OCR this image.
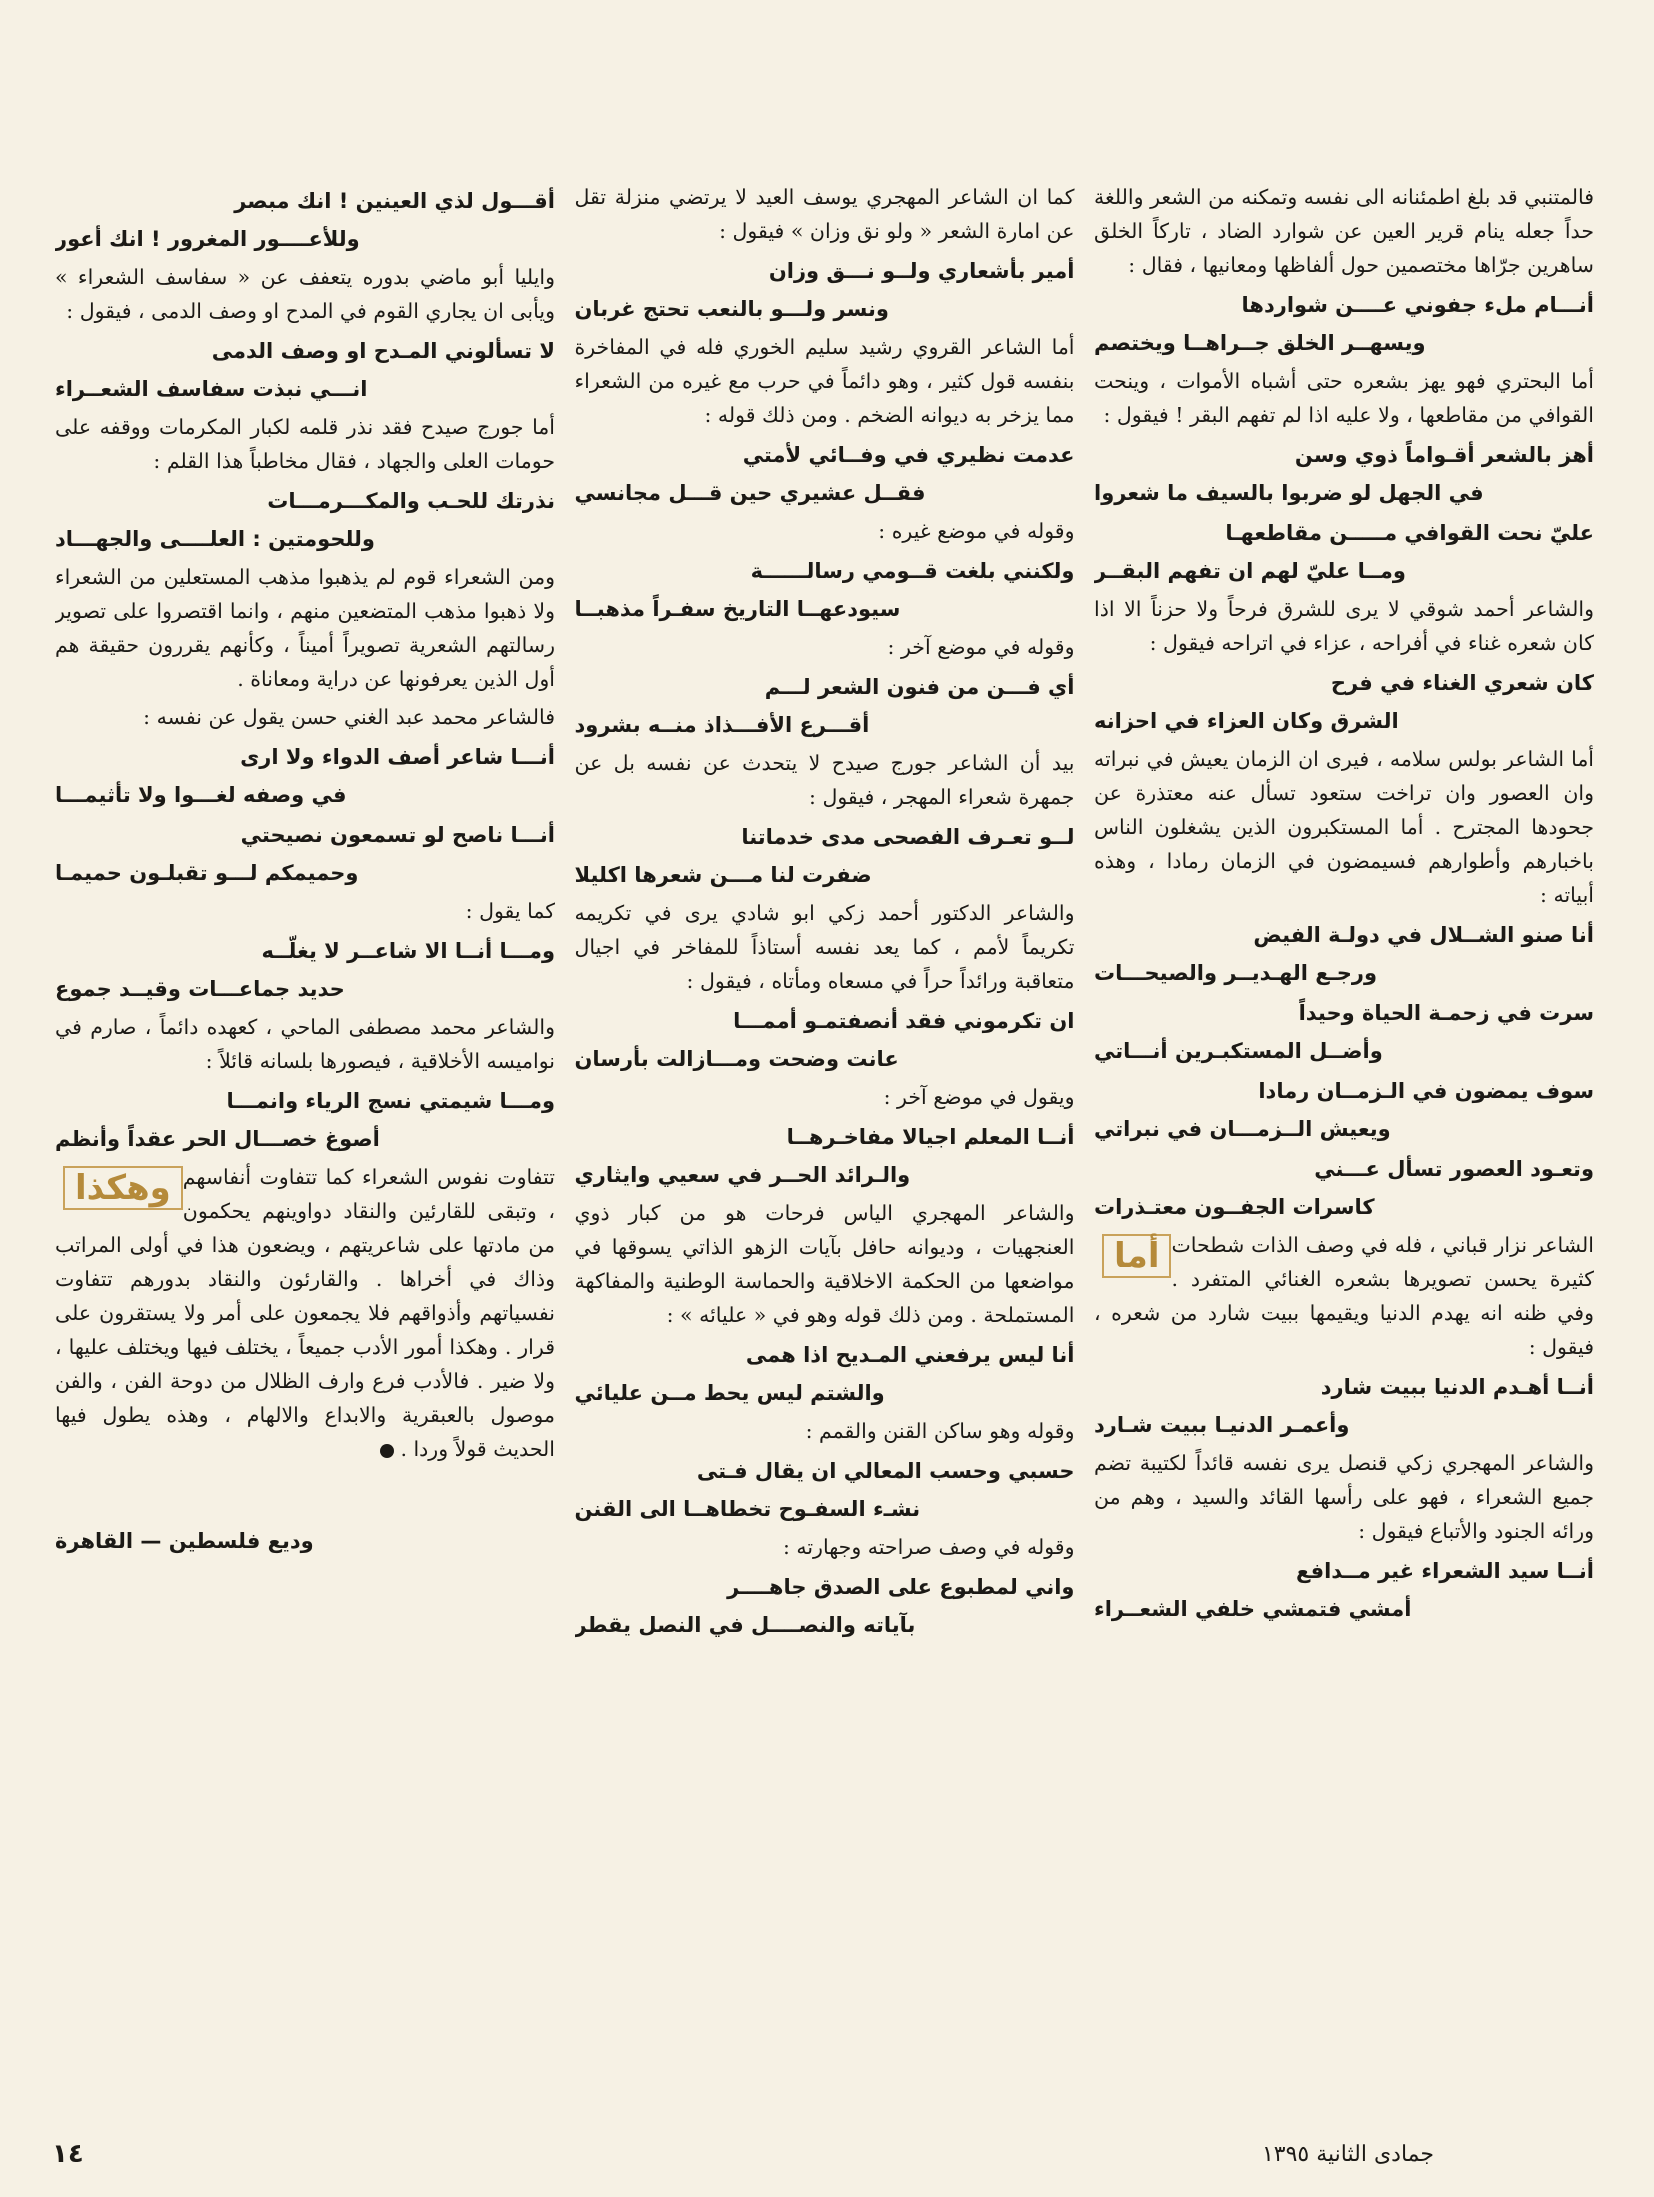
فالمتنبي قد بلغ اطمئنانه الى نفسه وتمكنه من الشعر واللغة حداً جعله ينام قرير العين عن شوارد الضاد ، تاركاً الخلق ساهرين جرّاها مختصمين حول ألفاظها ومعانيها ، فقال :

أنـــام ملء جفوني عــــن شواردها
ويسهــر الخلق جــراهــا ويختصم

أما البحتري فهو يهز بشعره حتى أشباه الأموات ، وينحت القوافي من مقاطعها ، ولا عليه اذا لم تفهم البقر ! فيقول :

أهز بالشعر أقـواماً ذوي وسن
في الجهل لو ضربوا بالسيف ما شعروا
عليّ نحت القوافي مـــــن مقاطعهـا
ومــا عليّ لهم ان تفهم البقــر

والشاعر أحمد شوقي لا يرى للشرق فرحاً ولا حزناً الا اذا كان شعره غناء في أفراحه ، عزاء في اتراحه فيقول :

كان شعري الغناء في فرح
الشرق وكان العزاء في احزانه

أما الشاعر بولس سلامه ، فيرى ان الزمان يعيش في نبراته وان العصور وان تراخت ستعود تسأل عنه معتذرة عن جحودها المجترح . أما المستكبرون الذين يشغلون الناس باخبارهم وأطوارهم فسيمضون في الزمان رمادا ، وهذه أبياته :

أنا صنو الشــلال في دولـة الفيض
ورجـع الهـديــر والصيحـــات
سرت في زحمـة الحياة وحيداً
وأضــل المستكبـرين أنـــاتي
سوف يمضون في الـزمــان رمادا
ويعيش الــزمـــان في نبراتي
وتعـود العصور تسأل عـــني
كاسرات الجفــون معتـذرات

أما الشاعر نزار قباني ، فله في وصف الذات شطحات كثيرة يحسن تصويرها بشعره الغنائي المتفرد . وفي ظنه انه يهدم الدنيا ويقيمها ببيت شارد من شعره ، فيقول :

أنــا أهـدم الدنيا ببيت شارد
وأعمـر الدنيـا ببيت شـارد

والشاعر المهجري زكي قنصل يرى نفسه قائداً لكتيبة تضم جميع الشعراء ، فهو على رأسها القائد والسيد ، وهم من ورائه الجنود والأتباع فيقول :

أنــا سيد الشعراء غير مــدافع
أمشي فتمشي خلفي الشعــراء

كما ان الشاعر المهجري يوسف العيد لا يرتضي منزلة تقل عن امارة الشعر « ولو نق وزان » فيقول :

أمير بأشعاري ولــو نـــق وزان
ونسر ولـــو بالنعب تحتج غربان

أما الشاعر القروي رشيد سليم الخوري فله في المفاخرة بنفسه قول كثير ، وهو دائماً في حرب مع غيره من الشعراء مما يزخر به ديوانه الضخم . ومن ذلك قوله :

عدمت نظيري في وفــائي لأمتي
فقــل عشيري حين قـــل مجانسي

وقوله في موضع غيره :

ولكنني بلغت قــومي رسالــــــة
سيودعهــا التاريخ سفـراً مذهبــا

وقوله في موضع آخر :

أي فـــن من فنون الشعر لـــم
أقـــرع الأفـــذاذ منــه بشرود

بيد أن الشاعر جورج صيدح لا يتحدث عن نفسه بل عن جمهرة شعراء المهجر ، فيقول :

لــو تعـرف الفصحى مدى خدماتنا
ضفرت لنا مـــن شعرها اكليلا

والشاعر الدكتور أحمد زكي ابو شادي يرى في تكريمه تكريماً لأمم ، كما يعد نفسه أستاذاً للمفاخر في اجيال متعاقبة ورائداً حراً في مسعاه ومأتاه ، فيقول :

ان تكرموني فقد أنصفتمـو أممـــا
عانت وضحت ومـــازالت بأرسان

ويقول في موضع آخر :

أنــا المعلم اجيالا مفاخـرهــا
والـرائد الحــر في سعيي وايثاري

والشاعر المهجري الياس فرحات هو من كبار ذوي العنجهيات ، وديوانه حافل بآيات الزهو الذاتي يسوقها في مواضعها من الحكمة الاخلاقية والحماسة الوطنية والمفاكهة المستملحة . ومن ذلك قوله وهو في « عليائه » :

أنا ليس يرفعني المـديح اذا همى
والشتم ليس يحط مــن عليائي

وقوله وهو ساكن القنن والقمم :

حسبي وحسب المعالي ان يقال فـتى
نشـء السفـوح تخطاهــا الى القنن

وقوله في وصف صراحته وجهارته :

واني لمطبوع على الصدق جاهــــر
بآياته والنصــــل في النصل يقطر
أقـــول لذي العينين ! انك مبصر
وللأعــــور المغرور ! انك أعور

وايليا أبو ماضي بدوره يتعفف عن « سفاسف الشعراء » ويأبى ان يجاري القوم في المدح او وصف الدمى ، فيقول :

لا تسألوني المـدح او وصف الدمى
انـــي نبذت سفاسف الشعــراء

أما جورج صيدح فقد نذر قلمه لكبار المكرمات ووقفه على حومات العلى والجهاد ، فقال مخاطباً هذا القلم :

نذرتك للحـب والمكـــرمـــات
وللحومتين : العلــــى والجهـــاد

ومن الشعراء قوم لم يذهبوا مذهب المستعلين من الشعراء ولا ذهبوا مذهب المتضعين منهم ، وانما اقتصروا على تصوير رسالتهم الشعرية تصويراً أميناً ، وكأنهم يقررون حقيقة هم أول الذين يعرفونها عن دراية ومعاناة .

فالشاعر محمد عبد الغني حسن يقول عن نفسه :

أنـــا شاعر أصف الدواء ولا ارى
في وصفه لغـــوا ولا تأثيمـــا
أنـــا ناصح لو تسمعون نصيحتي
وحميمكم لـــو تقبلـون حميمـا

كما يقول :

ومـــا أنــا الا شاعــر لا يغلّــه
حديد جماعـــات وقيــد جموع

والشاعر محمد مصطفى الماحي ، كعهده دائماً ، صارم في نواميسه الأخلاقية ، فيصورها بلسانه قائلاً :

ومـــا شيمتي نسج الرياء وانمـــا
أصوغ خصـــال الحر عقداً وأنظم

وهكذا تتفاوت نفوس الشعراء كما تتفاوت أنفاسهم ، وتبقى للقارئين والنقاد دواوينهم يحكمون من مادتها على شاعريتهم ، ويضعون هذا في أولى المراتب وذاك في أخراها . والقارئون والنقاد بدورهم تتفاوت نفسياتهم وأذواقهم فلا يجمعون على أمر ولا يستقرون على قرار . وهكذا أمور الأدب جميعاً ، يختلف فيها ويختلف عليها ، ولا ضير . فالأدب فرع وارف الظلال من دوحة الفن ، والفن موصول بالعبقرية والابداع والالهام ، وهذه يطول فيها الحديث قولاً وردا .

وديع فلسطين — القاهرة
جمادى الثانية ١٣٩٥
١٤
